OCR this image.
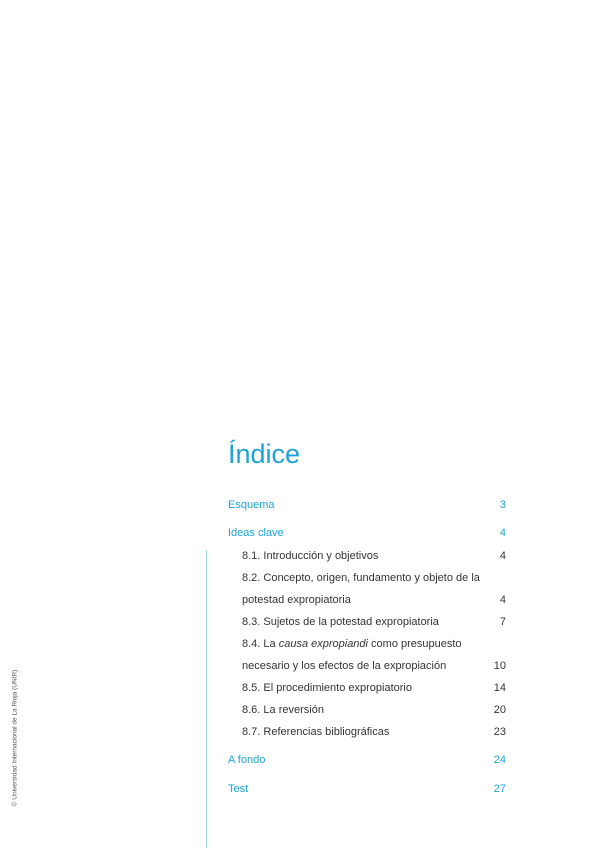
© Universidad Internacional de La Rioja (UNIR)
Índice
Esquema	3
Ideas clave	4
8.1. Introducción y objetivos	4
8.2. Concepto, origen, fundamento y objeto de la
potestad expropiatoria	4
8.3. Sujetos de la potestad expropiatoria	7
8.4. La causa expropiandi como presupuesto
necesario y los efectos de la expropiación	10
8.5. El procedimiento expropiatorio	14
8.6. La reversión	20
8.7. Referencias bibliográficas	23
A fondo	24
Test	27
